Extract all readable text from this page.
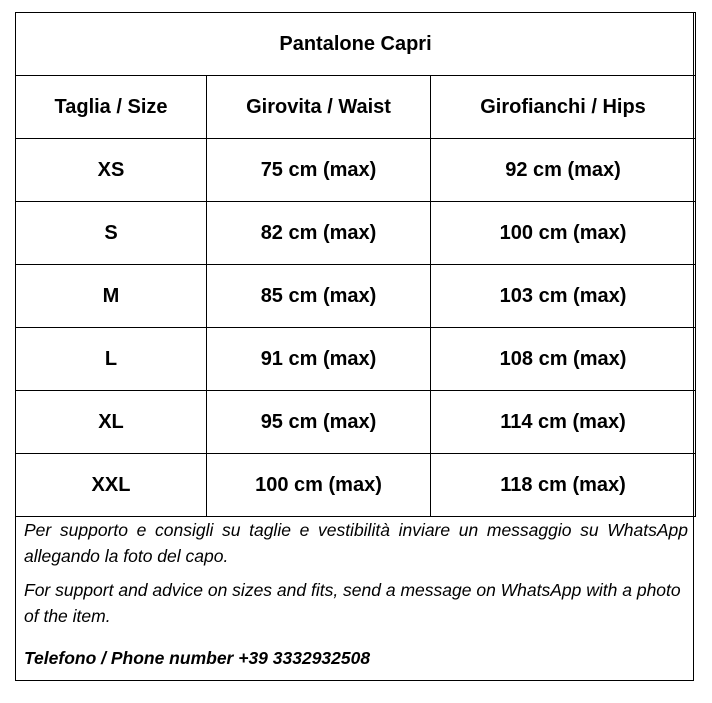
Pantalone Capri		
Taglia / Size	Girovita / Waist	Girofianchi / Hips
XS	75 cm (max)	92 cm (max)
S	82 cm (max)	100 cm (max)
M	85 cm (max)	103 cm (max)
L	91 cm (max)	108 cm (max)
XL	95 cm (max)	114 cm (max)
XXL	100 cm (max)	118 cm (max)

Per supporto e consigli su taglie e vestibilità inviare un messaggio su WhatsApp allegando la foto del capo.

For support and advice on sizes and fits, send a message on WhatsApp with a photo of the item.

Telefono / Phone number +39 3332932508
